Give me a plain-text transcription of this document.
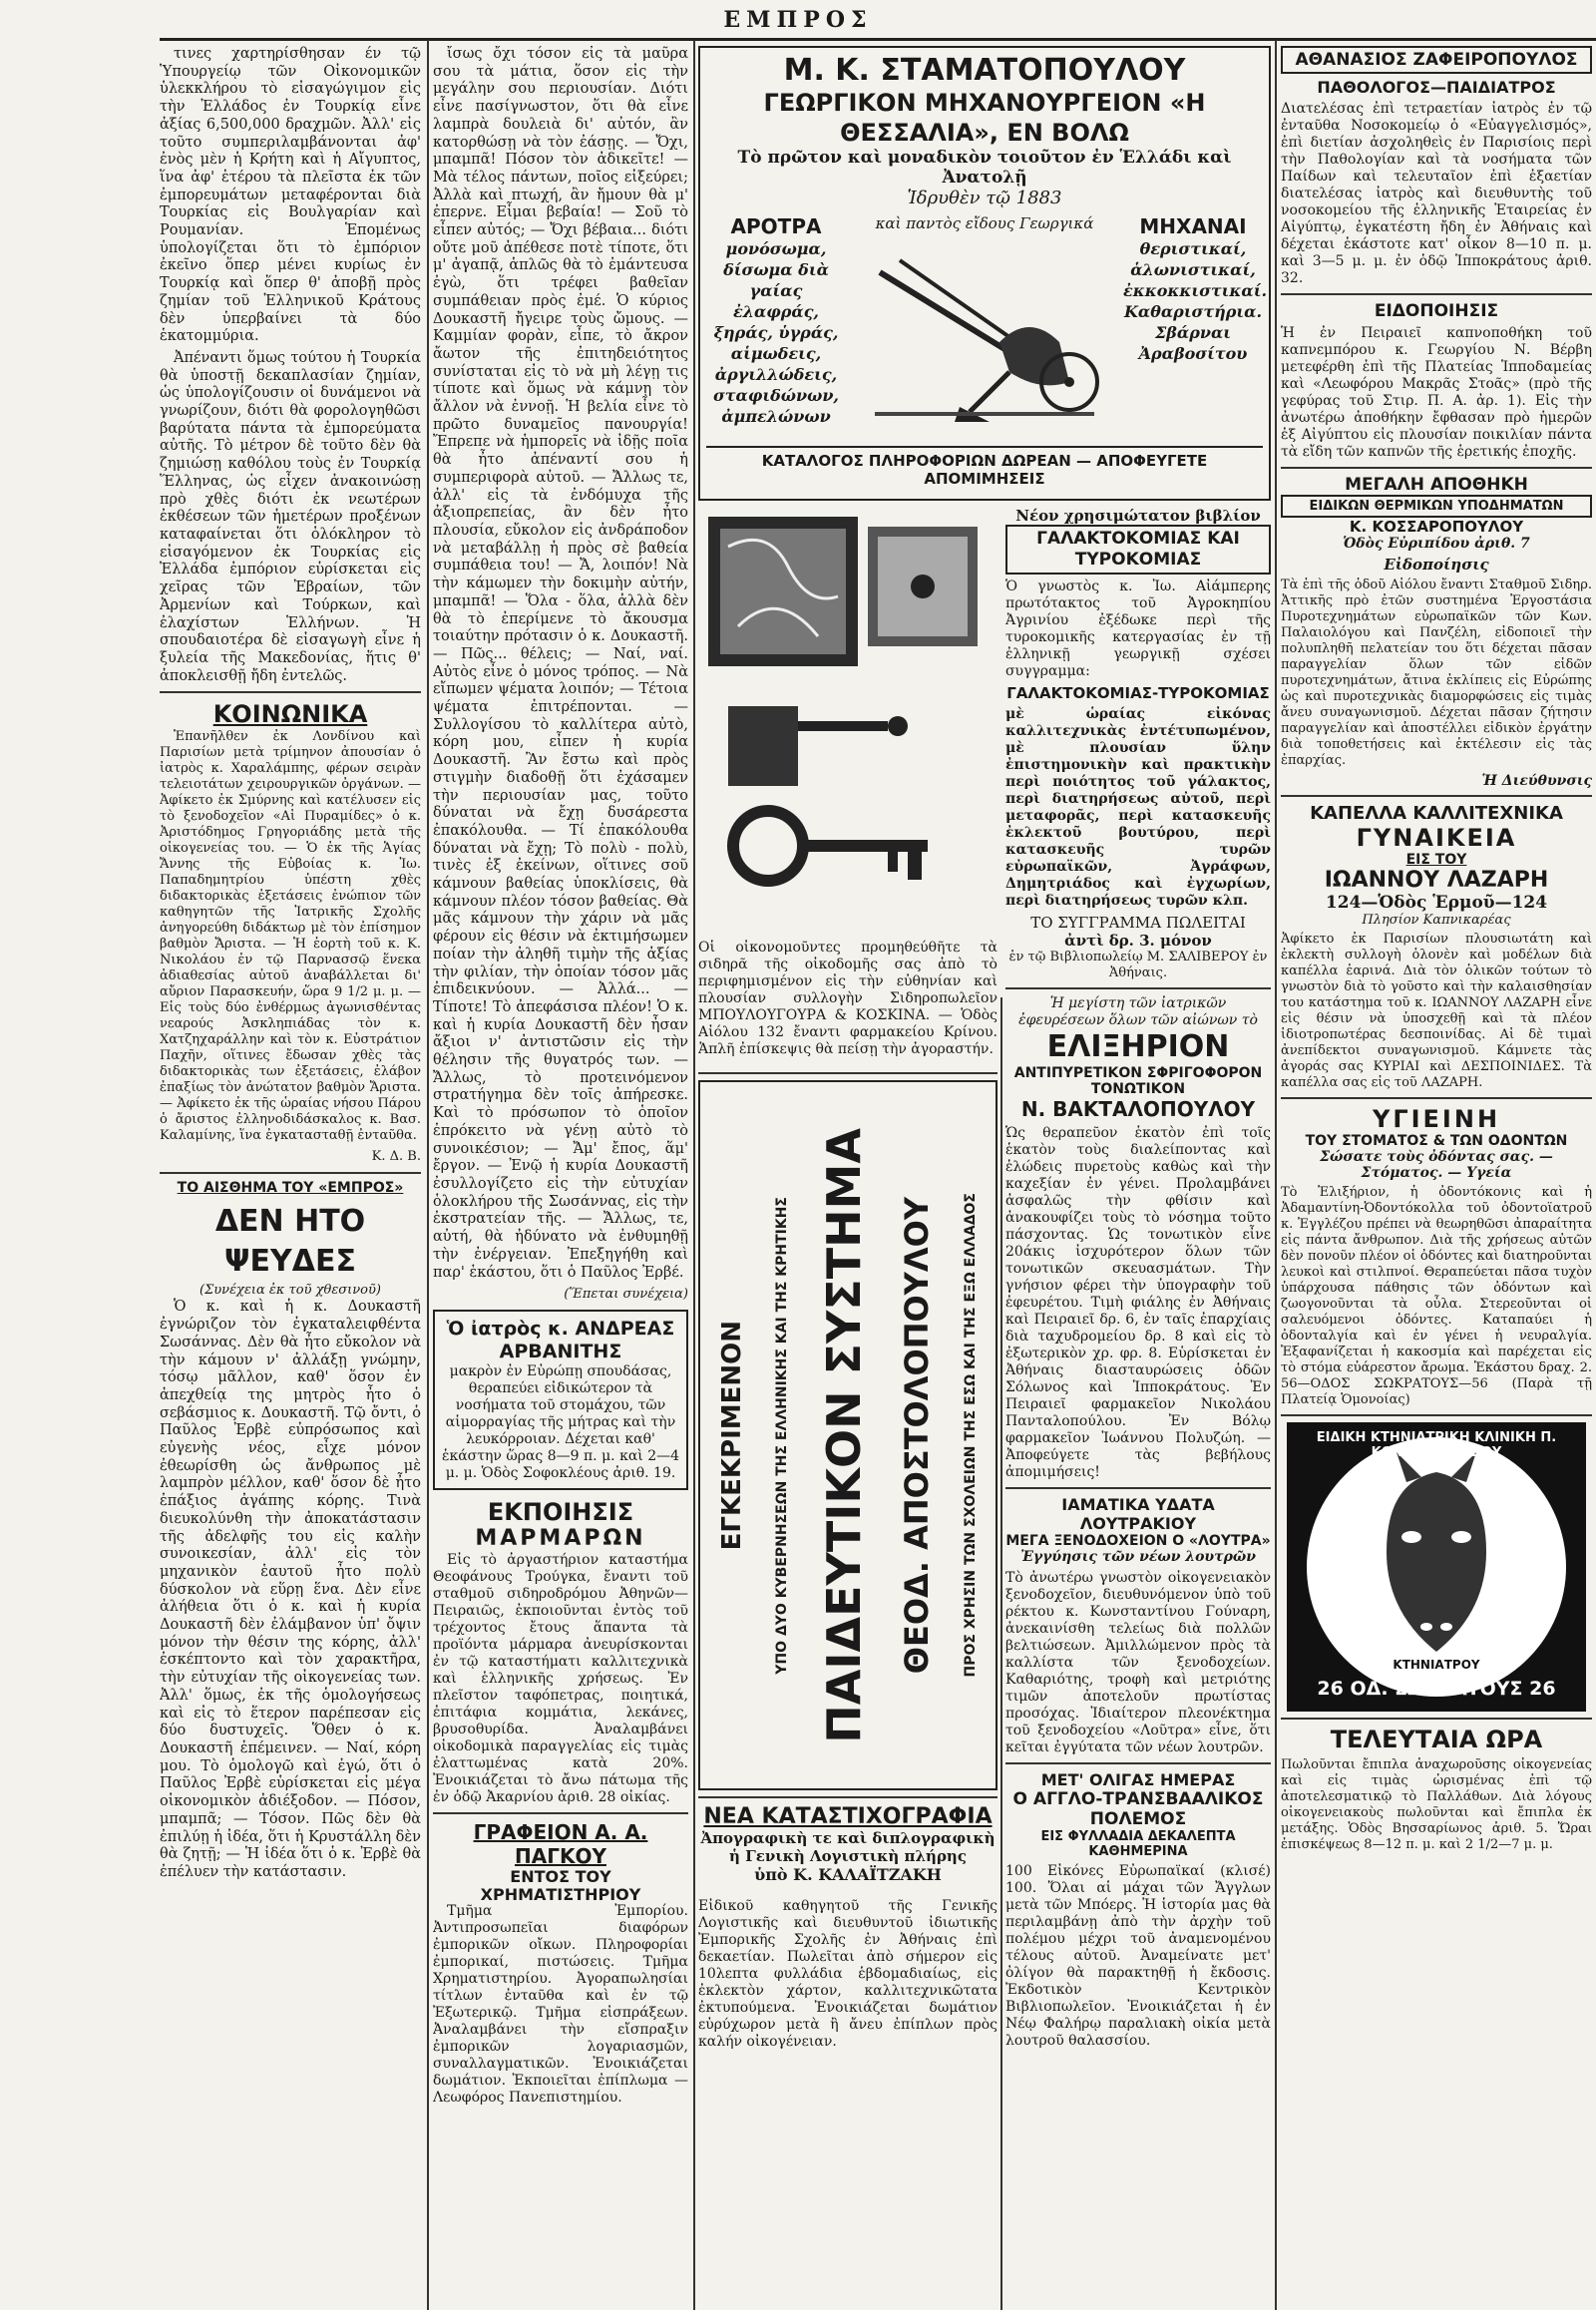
ΕΜΠΡΟΣ

τινες χαρτηρίσθησαν έν τῷ Ὑπουργείῳ τῶν Οἰκονομικῶν ὑλεκκλήρου τὸ εἰσαγώγιμον εἰς τὴν Ἑλλάδος ἐν Τουρκίᾳ εἶνε ἀξίας 6,500,000 δραχμῶν. Ἀλλ' εἰς τοῦτο συμπεριλαμβάνονται ἀφ' ἐνὸς μὲν ἡ Κρήτη καὶ ἡ Αἴγυπτος, ἵνα ἀφ' ἑτέρου τὰ πλεῖστα ἐκ τῶν ἐμπορευμάτων μεταφέρονται διὰ Τουρκίας εἰς Βουλγαρίαν καὶ Ρουμανίαν. Ἑπομένως ὑπολογίζεται ὅτι τὸ ἐμπόριον ἐκεῖνο ὅπερ μένει κυρίως ἐν Τουρκίᾳ καὶ ὅπερ θ' ἀποβῇ πρὸς ζημίαν τοῦ Ἑλληνικοῦ Κράτους δὲν ὑπερβαίνει τὰ δύο ἑκατομμύρια.

Ἀπέναντι ὅμως τούτου ἡ Τουρκία θὰ ὑποστῇ δεκαπλασίαν ζημίαν, ὡς ὑπολογίζουσιν οἱ δυνάμενοι νὰ γνωρίζουν, διότι θὰ φορολογηθῶσι βαρύτατα πάντα τὰ ἐμπορεύματα αὐτῆς. Τὸ μέτρον δὲ τοῦτο δὲν θὰ ζημιώσῃ καθόλου τοὺς ἐν Τουρκίᾳ Ἕλληνας, ὡς εἶχεν ἀνακοινώσῃ πρὸ χθὲς διότι ἐκ νεωτέρων ἐκθέσεων τῶν ἡμετέρων προξένων καταφαίνεται ὅτι ὁλόκληρον τὸ εἰσαγόμενον ἐκ Τουρκίας εἰς Ἑλλάδα ἐμπόριον εὑρίσκεται εἰς χεῖρας τῶν Ἑβραίων, τῶν Ἀρμενίων καὶ Τούρκων, καὶ ἐλαχίστων Ἑλλήνων. Ἡ σπουδαιοτέρα δὲ εἰσαγωγὴ εἶνε ἡ ξυλεία τῆς Μακεδονίας, ἥτις θ' ἀποκλεισθῇ ἤδη ἐντελῶς.

ΚΟΙΝΩΝΙΚΑ

Ἐπανῆλθεν ἐκ Λονδίνου καὶ Παρισίων μετὰ τρίμηνον ἀπουσίαν ὁ ἰατρὸς κ. Χαραλάμπης, φέρων σειρὰν τελειοτάτων χειρουργικῶν ὀργάνων. — Ἀφίκετο ἐκ Σμύρνης καὶ κατέλυσεν εἰς τὸ ξενοδοχεῖον «Αἱ Πυραμίδες» ὁ κ. Ἀριστόδημος Γρηγοριάδης μετὰ τῆς οἰκογενείας του. — Ὁ ἐκ τῆς Ἁγίας Ἄννης τῆς Εὐβοίας κ. Ἰω. Παπαδημητρίου ὑπέστη χθὲς διδακτορικὰς ἐξετάσεις ἐνώπιον τῶν καθηγητῶν τῆς Ἰατρικῆς Σχολῆς ἀνηγορεύθη διδάκτωρ μὲ τὸν ἐπίσημον βαθμὸν Ἄριστα. — Ἡ ἑορτὴ τοῦ κ. Κ. Νικολάου ἐν τῷ Παρνασσῷ ἕνεκα ἀδιαθεσίας αὐτοῦ ἀναβάλλεται δι' αὔριον Παρασκευήν, ὥρα 9 1/2 μ. μ. — Εἰς τοὺς δύο ἐνθέρμως ἀγωνισθέντας νεαρούς Ἀσκληπιάδας τὸν κ. Χατζηχαράλλην καὶ τὸν κ. Εὐστράτιον Παχῆν, οἵτινες ἔδωσαν χθὲς τὰς διδακτορικὰς των ἐξετάσεις, ἐλάβον ἐπαξίως τὸν ἀνώτατον βαθμὸν Ἄριστα. — Ἀφίκετο ἐκ τῆς ὡραίας νήσου Πάρου ὁ ἄριστος ἐλληνοδιδάσκαλος κ. Βασ. Καλαμίνης, ἵνα ἐγκατασταθῇ ἐνταῦθα.

Κ. Δ. Β.
ΤΟ ΑΙΣΘΗΜΑ ΤΟΥ «ΕΜΠΡΟΣ»
ΔΕΝ ΗΤΟ ΨΕΥΔΕΣ
(Συνέχεια ἐκ τοῦ χθεσινοῦ)

Ὁ κ. καὶ ἡ κ. Δουκαστῆ ἐγνώριζον τὸν ἐγκαταλειφθέντα Σωσάννας. Δὲν θὰ ἦτο εὔκολον νὰ τὴν κάμουν ν' ἀλλάξῃ γνώμην, τόσῳ μᾶλλον, καθ' ὅσον ἐν ἀπεχθείᾳ της μητρὸς ἦτο ὁ σεβάσμιος κ. Δουκαστῆ. Τῷ ὄντι, ὁ Παῦλος Ἐρβὲ εὐπρόσωπος καὶ εὐγενὴς νέος, εἶχε μόνον ἐθεωρίσθη ὡς ἄνθρωπος μὲ λαμπρὸν μέλλον, καθ' ὅσον δὲ ἦτο ἐπάξιος ἀγάπης κόρης. Τινὰ διευκολύνθη τὴν ἀποκατάστασιν τῆς ἀδελφῆς του εἰς καλὴν συνοικεσίαν, ἀλλ' εἰς τὸν μηχανικὸν ἑαυτοῦ ἦτο πολὺ δύσκολον νὰ εὕρῃ ἕνα. Δὲν εἶνε ἀλήθεια ὅτι ὁ κ. καὶ ἡ κυρία Δουκαστῆ δὲν ἐλάμβανον ὑπ' ὄψιν μόνον τὴν θέσιν της κόρης, ἀλλ' ἐσκέπτοντο καὶ τὸν χαρακτῆρα, τὴν εὐτυχίαν τῆς οἰκογενείας των. Ἀλλ' ὅμως, ἐκ τῆς ὁμολογήσεως καὶ εἰς τὸ ἕτερον παρέπεσαν εἰς δύο δυστυχεῖς. Ὅθεν ὁ κ. Δουκαστῆ ἐπέμεινεν. — Ναί, κόρη μου. Τὸ ὁμολογῶ καὶ ἐγώ, ὅτι ὁ Παῦλος Ἐρβὲ εὑρίσκεται εἰς μέγα οἰκονομικὸν ἀδιέξοδον. — Πόσον, μπαμπᾶ; — Τόσον. Πῶς δὲν θὰ ἐπιλύῃ ἡ ἰδέα, ὅτι ἡ Κρυστάλλη δὲν θὰ ζητῇ; — Ἡ ἰδέα ὅτι ὁ κ. Ἐρβὲ θὰ ἐπέλυεν τὴν κατάστασιν.

ἴσως ὄχι τόσον εἰς τὰ μαῦρα σου τὰ μάτια, ὅσον εἰς τὴν μεγάλην σου περιουσίαν. Διότι εἶνε πασίγνωστον, ὅτι θὰ εἶνε λαμπρὰ δουλειὰ δι' αὐτόν, ἂν κατορθώσῃ νὰ τὸν ἐάσῃς. — Ὄχι, μπαμπᾶ! Πόσον τὸν ἀδικεῖτε! — Μὰ τέλος πάντων, ποῖος εἰξεύρει; Ἀλλὰ καὶ πτωχή, ἂν ἤμουν θὰ μ' ἐπερνε. Εἶμαι βεβαία! — Σοῦ τὸ εἶπεν αὐτός; — Ὄχι βέβαια... διότι οὔτε μοῦ ἀπέθεσε ποτὲ τίποτε, ὅτι μ' ἀγαπᾷ, ἁπλῶς θὰ τὸ ἐμάντευσα ἐγὼ, ὅτι τρέφει βαθεῖαν συμπάθειαν πρὸς ἐμέ. Ὁ κύριος Δουκαστῆ ἤγειρε τοὺς ὤμους. — Καμμίαν φορὰν, εἶπε, τὸ ἄκρον ἄωτον τῆς ἐπιτηδειότητος συνίσταται εἰς τὸ νὰ μὴ λέγῃ τις τίποτε καὶ ὅμως νὰ κάμνῃ τὸν ἄλλον νὰ ἐννοῇ. Ἡ βελία εἶνε τὸ πρῶτο δυναμεῖος πανουργία! Ἔπρεπε νὰ ἡμπορεῖς νὰ ἰδῇς ποῖα θὰ ἦτο ἀπέναντί σου ἡ συμπεριφορὰ αὐτοῦ. — Ἄλλως τε, ἀλλ' εἰς τὰ ἐνδόμυχα τῆς ἀξιοπρεπείας, ἂν δὲν ἦτο πλουσία, εὔκολον εἰς ἀνδράποδον νὰ μεταβάλλῃ ἡ πρὸς σὲ βαθεία συμπάθεια του! — Ἄ, λοιπόν! Νὰ τὴν κάμωμεν τὴν δοκιμὴν αὐτήν, μπαμπᾶ! — Ὅλα - ὅλα, ἀλλὰ δὲν θὰ τὸ ἐπερίμενε τὸ ἄκουσμα τοιαύτην πρότασιν ὁ κ. Δουκαστῆ. — Πῶς... θέλεις; — Ναί, ναί. Αὐτὸς εἶνε ὁ μόνος τρόπος. — Νὰ εἴπωμεν ψέματα λοιπόν; — Τέτοια ψέματα ἐπιτρέπονται. — Συλλογίσου τὸ καλλίτερα αὐτὸ, κόρη μου, εἶπεν ἡ κυρία Δουκαστῆ. Ἂν ἔστω καὶ πρὸς στιγμὴν διαδοθῇ ὅτι ἐχάσαμεν τὴν περιουσίαν μας, τοῦτο δύναται νὰ ἔχῃ δυσάρεστα ἐπακόλουθα. — Τί ἐπακόλουθα δύναται νὰ ἔχῃ; Τὸ πολὺ - πολὺ, τινὲς ἐξ ἐκείνων, οἵτινες σοῦ κάμνουν βαθείας ὑποκλίσεις, θὰ κάμνουν πλέον τόσον βαθείας. Θὰ μᾶς κάμνουν τὴν χάριν νὰ μᾶς φέρουν εἰς θέσιν νὰ ἐκτιμήσωμεν ποίαν τὴν ἀληθῆ τιμὴν τῆς ἀξίας τὴν φιλίαν, τὴν ὁποίαν τόσον μᾶς ἐπιδεικνύουν. — Ἀλλά... — Τίποτε! Τὸ ἀπεφάσισα πλέον! Ὁ κ. καὶ ἡ κυρία Δουκαστῆ δὲν ἦσαν ἄξιοι ν' ἀντιστῶσιν εἰς τὴν θέλησιν τῆς θυγατρός των. — Ἄλλως, τὸ προτεινόμενον στρατήγημα δὲν τοῖς ἀπήρεσκε. Καὶ τὸ πρόσωπον τὸ ὁποῖον ἐπρόκειτο νὰ γένῃ αὐτὸ τὸ συνοικέσιον; — Ἄμ' ἔπος, ἅμ' ἔργον. — Ἐνῷ ἡ κυρία Δουκαστῆ ἐσυλλογίζετο εἰς τὴν εὐτυχίαν ὁλοκλήρου τῆς Σωσάννας, εἰς τὴν ἐκστρατείαν τῆς. — Ἄλλως, τε, αὐτή, θὰ ἠδύνατο νὰ ἐνθυμηθῇ τὴν ἐνέργειαν. Ἐπεξηγήθη καὶ παρ' ἑκάστου, ὅτι ὁ Παῦλος Ἐρβέ.

(Ἕπεται συνέχεια)
Ὁ ἰατρὸς κ. ΑΝΔΡΕΑΣ ΑΡΒΑΝΙΤΗΣ
μακρὸν ἐν Εὐρώπῃ σπουδάσας, θεραπεύει εἰδικώτερον τὰ νοσήματα τοῦ στομάχου, τῶν αἱμορραγίας τῆς μήτρας καὶ τὴν λευκόρροιαν. Δέχεται καθ' ἑκάστην ὥρας 8—9 π. μ. καὶ 2—4 μ. μ. Ὁδὸς Σοφοκλέους ἀριθ. 19.
ΕΚΠΟΙΗΣΙΣ
ΜΑΡΜΑΡΩΝ

Εἰς τὸ ἀργαστήριον καταστήμα Θεοφάνους Τρούγκα, ἔναντι τοῦ σταθμοῦ σιδηροδρόμου Ἀθηνῶν—Πειραιῶς, ἐκποιοῦνται ἐντὸς τοῦ τρέχοντος ἔτους ἅπαντα τὰ προϊόντα μάρμαρα ἀνευρίσκονται ἐν τῷ καταστήματι καλλιτεχνικὰ καὶ ἑλληνικῆς χρήσεως. Ἐν πλεῖστον ταφόπετρας, ποιητικά, ἐπιτάφια κομμάτια, λεκάνες, βρυσοθυρίδα. Ἀναλαμβάνει οἰκοδομικὰ παραγγελίας εἰς τιμὰς ἐλαττωμένας κατὰ 20%. Ἐνοικιάζεται τὸ ἄνω πάτωμα τῆς ἐν ὁδῷ Ἀκαρνίου ἀριθ. 28 οἰκίας.

ΓΡΑΦΕΙΟΝ Α. Α. ΠΑΓΚΟΥ
ΕΝΤΟΣ ΤΟΥ ΧΡΗΜΑΤΙΣΤΗΡΙΟΥ

Τμῆμα Ἐμπορίου. Ἀντιπροσωπεῖαι διαφόρων ἐμπορικῶν οἴκων. Πληροφορίαι ἐμπορικαί, πιστώσεις. Τμῆμα Χρηματιστηρίου. Ἀγοραπωλησίαι τίτλων ἐνταῦθα καὶ ἐν τῷ Ἐξωτερικῷ. Τμῆμα εἰσπράξεων. Ἀναλαμβάνει τὴν εἴσπραξιν ἐμπορικῶν λογαριασμῶν, συναλλαγματικῶν. Ἐνοικιάζεται δωμάτιον. Ἐκποιεῖται ἐπίπλωμα — Λεωφόρος Πανεπιστημίου.

Μ. Κ. ΣΤΑΜΑΤΟΠΟΥΛΟΥ
ΓΕΩΡΓΙΚΟΝ ΜΗΧΑΝΟΥΡΓΕΙΟΝ «Η ΘΕΣΣΑΛΙΑ», ΕΝ ΒΟΛΩ
Τὸ πρῶτον καὶ μοναδικὸν τοιοῦτον ἐν Ἑλλάδι καὶ Ἀνατολῇ
Ἱδρυθὲν τῷ 1883
ΑΡΟΤΡΑ
μονόσωμα, δίσωμα διὰ γαίας ἐλαφράς, ξηράς, ὑγράς, αἱμωδεις, ἀργιλλώδεις, σταφιδώνων, ἀμπελώνων
καὶ παντὸς εἴδους Γεωργικά	ΜΗΧΑΝΑΙ
θεριστικαί, ἁλωνιστικαί, ἐκκοκκιστικαί. Καθαριστήρια. Σβάρναι Ἀραβοσίτου
ΚΑΤΑΛΟΓΟΣ ΠΛΗΡΟΦΟΡΙΩΝ ΔΩΡΕΑΝ — ΑΠΟΦΕΥΓΕΤΕ ΑΠΟΜΙΜΗΣΕΙΣ

Οἱ οἰκονομοῦντες προμηθεύθῆτε τὰ σιδηρᾶ τῆς οἰκοδομῆς σας ἀπὸ τὸ περιφημισμένον εἰς τὴν εὐθηνίαν καὶ πλουσίαν συλλογὴν Σιδηροπωλεῖον ΜΠΟΥΛΟΥΓΟΥΡΑ & ΚΟΣΚΙΝΑ. — Ὁδὸς Αἰόλου 132 ἔναντι φαρμακείου Κρίνου. Ἁπλῆ ἐπίσκεψις θὰ πείσῃ τὴν ἀγοραστήν.

ΕΓΚΕΚΡΙΜΕΝΟΝ ΥΠΟ ΔΥΟ ΚΥΒΕΡΝΗΣΕΩΝ ΤΗΣ ΕΛΛΗΝΙΚΗΣ ΚΑΙ ΤΗΣ ΚΡΗΤΙΚΗΣ ΠΑΙΔΕΥΤΙΚΟΝ ΣΥΣΤΗΜΑ ΘΕΟΔ. ΑΠΟΣΤΟΛΟΠΟΥΛΟΥ ΠΡΟΣ ΧΡΗΣΙΝ ΤΩΝ ΣΧΟΛΕΙΩΝ ΤΗΣ ΕΣΩ ΚΑΙ ΤΗΣ ΕΞΩ ΕΛΛΑΔΟΣ
ΝΕΑ ΚΑΤΑΣΤΙΧΟΓΡΑΦΙΑ
Ἀπογραφικὴ τε καὶ διπλογραφικὴ ἡ Γενικὴ Λογιστικὴ πλήρης
ὑπὸ Κ. ΚΑΛΑΪΤΖΑΚΗ

Εἰδικοῦ καθηγητοῦ τῆς Γενικῆς Λογιστικῆς καὶ διευθυντοῦ ἰδιωτικῆς Ἐμπορικῆς Σχολῆς ἐν Ἀθήναις ἐπὶ δεκαετίαν. Πωλεῖται ἀπὸ σήμερον εἰς 10λεπτα φυλλάδια ἑβδομαδιαίως, εἰς ἐκλεκτὸν χάρτον, καλλιτεχνικῶτατα ἐκτυπούμενα. Ἐνοικιάζεται δωμάτιον εὐρύχωρον μετὰ ἢ ἄνευ ἐπίπλων πρὸς καλήν οἰκογένειαν.

Νέον χρησιμώτατον βιβλίον
ΓΑΛΑΚΤΟΚΟΜΙΑΣ ΚΑΙ ΤΥΡΟΚΟΜΙΑΣ

Ὁ γνωστὸς κ. Ἰω. Αἰάμπερης πρωτότακτος τοῦ Ἀγροκηπίου Ἀγρινίου ἐξέδωκε περὶ τῆς τυροκομικῆς κατεργασίας ἐν τῇ ἐλληνικῇ γεωργικῇ σχέσει συγγραμμα:

ΓΑΛΑΚΤΟΚΟΜΙΑΣ-ΤΥΡΟΚΟΜΙΑΣ

μὲ ὡραίας εἰκόνας καλλιτεχνικὰς ἐντέτυπωμένον, μὲ πλουσίαν ὕλην ἐπιστημονικὴν καὶ πρακτικὴν περὶ ποιότητος τοῦ γάλακτος, περὶ διατηρήσεως αὐτοῦ, περὶ μεταφορᾶς, περὶ κατασκευῆς ἐκλεκτοῦ βουτύρου, περὶ κατασκευῆς τυρῶν εὐρωπαϊκῶν, Ἀγράφων, Δημητριάδος καὶ ἐγχωρίων, περὶ διατηρήσεως τυρῶν κλπ.

ΤΟ ΣΥΓΓΡΑΜΜΑ ΠΩΛΕΙΤΑΙ
ἀντὶ δρ. 3. μόνον
ἐν τῷ Βιβλιοπωλείῳ Μ. ΣΑΛΙΒΕΡΟΥ ἐν Ἀθήναις.
Ἡ μεγίστη τῶν ἰατρικῶν ἐφευρέσεων ὅλων τῶν αἰώνων τὸ
ΕΛΙΞΗΡΙΟΝ
ΑΝΤΙΠΥΡΕΤΙΚΟΝ ΣΦΡΙΓΟΦΟΡΟΝ ΤΟΝΩΤΙΚΟΝ
Ν. ΒΑΚΤΑΛΟΠΟΥΛΟΥ

Ὡς θεραπεῦον ἑκατὸν ἐπὶ τοῖς ἑκατὸν τοὺς διαλείποντας καὶ ἑλώδεις πυρετοὺς καθὼς καὶ τὴν καχεξίαν ἐν γένει. Προλαμβάνει ἀσφαλῶς τὴν φθίσιν καὶ ἀνακουφίζει τοὺς τὸ νόσημα τοῦτο πάσχοντας. Ὡς τονωτικὸν εἶνε 20άκις ἰσχυρότερον ὅλων τῶν τονωτικῶν σκευασμάτων. Τὴν γνήσιον φέρει τὴν ὑπογραφὴν τοῦ ἐφευρέτου. Τιμὴ φιάλης ἐν Ἀθήναις καὶ Πειραιεῖ δρ. 6, ἐν ταῖς ἐπαρχίαις διὰ ταχυδρομείου δρ. 8 καὶ εἰς τὸ ἐξωτερικὸν χρ. φρ. 8. Εὑρίσκεται ἐν Ἀθήναις διασταυρώσεις ὁδῶν Σόλωνος καὶ Ἱπποκράτους. Ἐν Πειραιεῖ φαρμακεῖον Νικολάου Πανταλοπούλου. Ἐν Βόλῳ φαρμακεῖον Ἰωάννου Πολυζώη. — Ἀποφεύγετε τὰς βεβήλους ἀπομιμήσεις!

ΙΑΜΑΤΙΚΑ ΥΔΑΤΑ ΛΟΥΤΡΑΚΙΟΥ
ΜΕΓΑ ΞΕΝΟΔΟΧΕΙΟΝ Ο «ΛΟΥΤΡΑ»
Ἐγγύησις τῶν νέων λουτρῶν

Τὸ ἀνωτέρω γνωστὸν οἰκογενειακὸν ξενοδοχεῖον, διευθυνόμενον ὑπὸ τοῦ ρέκτου κ. Κωνσταντίνου Γούναρη, ἀνεκαινίσθη τελείως διὰ πολλῶν βελτιώσεων. Ἀμιλλώμενον πρὸς τὰ καλλίστα τῶν ξενοδοχείων. Καθαριότης, τροφὴ καὶ μετριότης τιμῶν ἀποτελοῦν πρωτίστας προσόχας. Ἰδιαίτερον πλεονέκτημα τοῦ ξενοδοχείου «Λοῦτρα» εἶνε, ὅτι κεῖται ἐγγύτατα τῶν νέων λουτρῶν.

ΜΕΤ' ΟΛΙΓΑΣ ΗΜΕΡΑΣ
Ο ΑΓΓΛΟ-ΤΡΑΝΣΒΑΑΛΙΚΟΣ ΠΟΛΕΜΟΣ
ΕΙΣ ΦΥΛΛΑΔΙΑ ΔΕΚΑΛΕΠΤΑ ΚΑΘΗΜΕΡΙΝΑ

100 Εἰκόνες Εὐρωπαϊκαί (κλισέ) 100. Ὅλαι αἱ μάχαι τῶν Ἄγγλων μετὰ τῶν Μπόερς. Ἡ ἱστορία μας θὰ περιλαμβάνῃ ἀπὸ τὴν ἀρχὴν τοῦ πολέμου μέχρι τοῦ ἀναμενομένου τέλους αὐτοῦ. Ἀναμείνατε μετ' ὀλίγον θὰ παρακτηθῇ ἡ ἔκδοσις. Ἐκδοτικὸν Κεντρικὸν Βιβλιοπωλεῖον. Ἐνοικιάζεται ἡ ἐν Νέῳ Φαλήρῳ παραλιακὴ οἰκία μετὰ λουτροῦ θαλασσίου.

ΑΘΑΝΑΣΙΟΣ ΖΑΦΕΙΡΟΠΟΥΛΟΣ
ΠΑΘΟΛΟΓΟΣ—ΠΑΙΔΙΑΤΡΟΣ

Διατελέσας ἐπὶ τετραετίαν ἰατρὸς ἐν τῷ ἐνταῦθα Νοσοκομείῳ ὁ «Εὐαγγελισμός», ἐπὶ διετίαν ἀσχοληθεὶς ἐν Παρισίοις περὶ τὴν Παθολογίαν καὶ τὰ νοσήματα τῶν Παίδων καὶ τελευταῖον ἐπὶ ἑξαετίαν διατελέσας ἰατρὸς καὶ διευθυντὴς τοῦ νοσοκομείου τῆς ἐλληνικῆς Ἑταιρείας ἐν Αἰγύπτῳ, ἐγκατέστη ἤδη ἐν Ἀθήναις καὶ δέχεται ἑκάστοτε κατ' οἶκον 8—10 π. μ. καὶ 3—5 μ. μ. ἐν ὁδῷ Ἱπποκράτους ἀριθ. 32.

ΕΙΔΟΠΟΙΗΣΙΣ

Ἡ ἐν Πειραιεῖ καπνοποθήκη τοῦ καπνεμπόρου κ. Γεωργίου Ν. Βέρβη μετεφέρθη ἐπὶ τῆς Πλατείας Ἱπποδαμείας καὶ «Λεωφόρου Μακρᾶς Στοᾶς» (πρὸ τῆς γεφύρας τοῦ Στιρ. Π. Α. ἀρ. 1). Εἰς τὴν ἀνωτέρω ἀποθήκην ἔφθασαν πρὸ ἡμερῶν ἐξ Αἰγύπτου εἰς πλουσίαν ποικιλίαν πάντα τὰ εἴδη τῶν καπνῶν τῆς ἑρετικής ἐποχῆς.

ΜΕΓΑΛΗ ΑΠΟΘΗΚΗ
ΕΙΔΙΚΩΝ ΘΕΡΜΙΚΩΝ ΥΠΟΔΗΜΑΤΩΝ
Κ. ΚΟΣΣΑΡΟΠΟΥΛΟΥ
Ὁδὸς Εὐριπίδου ἀριθ. 7
Εἰδοποίησις

Τὰ ἐπὶ τῆς ὁδοῦ Αἰόλου ἔναντι Σταθμοῦ Σιδηρ. Ἀττικῆς πρὸ ἐτῶν συστημένα Ἐργοστάσια Πυροτεχνημάτων εὐρωπαϊκῶν τῶν Κων. Παλαιολόγου καὶ Πανζέλη, εἰδοποιεῖ τὴν πολυπληθῆ πελατείαν του ὅτι δέχεται πᾶσαν παραγγελίαν ὅλων τῶν εἰδῶν πυροτεχνημάτων, ἄτινα ἐκλίπεις εἰς Εὐρώπης ὡς καὶ πυροτεχνικὰς διαμορφώσεις εἰς τιμὰς ἄνευ συναγωνισμοῦ. Δέχεται πᾶσαν ζήτησιν παραγγελίαν καὶ ἀποστέλλει εἰδικὸν ἐργάτην διὰ τοποθετήσεις καὶ ἐκτέλεσιν εἰς τὰς ἐπαρχίας.

Ἡ Διεύθυνσις
ΚΑΠΕΛΛΑ ΚΑΛΛΙΤΕΧΝΙΚΑ
ΓΥΝΑΙΚΕΙΑ
ΕΙΣ ΤΟΥ
ΙΩΑΝΝΟΥ ΛΑΖΑΡΗ
124—Ὁδὸς Ἑρμοῦ—124
Πλησίον Καπνικαρέας

Ἀφίκετο ἐκ Παρισίων πλουσιωτάτη καὶ ἐκλεκτὴ συλλογὴ ὁλονὲν καὶ μοδέλων διὰ καπέλλα ἐαρινά. Διὰ τὸν ὁλικῶν τούτων τὸ γνωστὸν διὰ τὸ γοῦστο καὶ τὴν καλαισθησίαν του κατάστημα τοῦ κ. ΙΩΑΝΝΟΥ ΛΑΖΑΡΗ εἶνε εἰς θέσιν νὰ ὑποσχεθῇ καὶ τὰ πλέον ἰδιοτροπωτέρας δεσποινίδας. Αἱ δὲ τιμαὶ ἀνεπίδεκτοι συναγωνισμοῦ. Κάμνετε τὰς ἀγοράς σας ΚΥΡΙΑΙ καὶ ΔΕΣΠΟΙΝΙΔΕΣ. Τὰ καπέλλα σας εἰς τοῦ ΛΑΖΑΡΗ.

ΥΓΙΕΙΝΗ
ΤΟΥ ΣΤΟΜΑΤΟΣ & ΤΩΝ ΟΔΟΝΤΩΝ
Σώσατε τοὺς ὀδόντας σας. — Στόματος. — Υγεία

Τὸ Ἐλιξήριον, ἡ ὀδοντόκονις καὶ ἡ Ἀδαμαντίνη-Ὀδοντόκολλα τοῦ ὀδοντοϊατροῦ κ. Ἐγγλέζου πρέπει νὰ θεωρηθῶσι ἀπαραίτητα εἰς πάντα ἄνθρωπον. Διὰ τῆς χρήσεως αὐτῶν δὲν πονοῦν πλέον οἱ ὀδόντες καὶ διατηροῦνται λευκοὶ καὶ στιλπνοί. Θεραπεύεται πᾶσα τυχὸν ὑπάρχουσα πάθησις τῶν ὀδόντων καὶ ζωογονοῦνται τὰ οὖλα. Στερεοῦνται οἱ σαλευόμενοι ὀδόντες. Καταπαύει ἡ ὀδονταλγία καὶ ἐν γένει ἡ νευραλγία. Ἐξαφανίζεται ἡ κακοσμία καὶ παρέχεται εἰς τὸ στόμα εὐάρεστον ἄρωμα. Ἑκάστου δραχ. 2. 56—ΟΔΟΣ ΣΩΚΡΑΤΟΥΣ—56 (Παρὰ τῇ Πλατείᾳ Ὁμονοίας)

ΕΙΔΙΚΗ ΚΤΗΝΙΑΤΡΙΚΗ ΚΛΙΝΙΚΗ Π. ΚΩΝΣΤΑΝΤΙΝΙΔΟΥ
ΚΤΗΝΙΑΤΡΟΥ
26 ΟΔ. ΣΩΚΡΑΤΟΥΣ 26
ΤΕΛΕΥΤΑΙΑ ΩΡΑ

Πωλοῦνται ἔπιπλα ἀναχωροῦσης οἰκογενείας καὶ εἰς τιμὰς ὡρισμένας ἐπὶ τῷ ἀποτελεσματικῷ τὸ Παλλάθων. Διὰ λόγους οἰκογενειακοὺς πωλοῦνται καὶ ἔπιπλα ἐκ μετάξης. Ὁδὸς Βησσαρίωνος ἀριθ. 5. Ὥραι ἐπισκέψεως 8—12 π. μ. καὶ 2 1/2—7 μ. μ.
